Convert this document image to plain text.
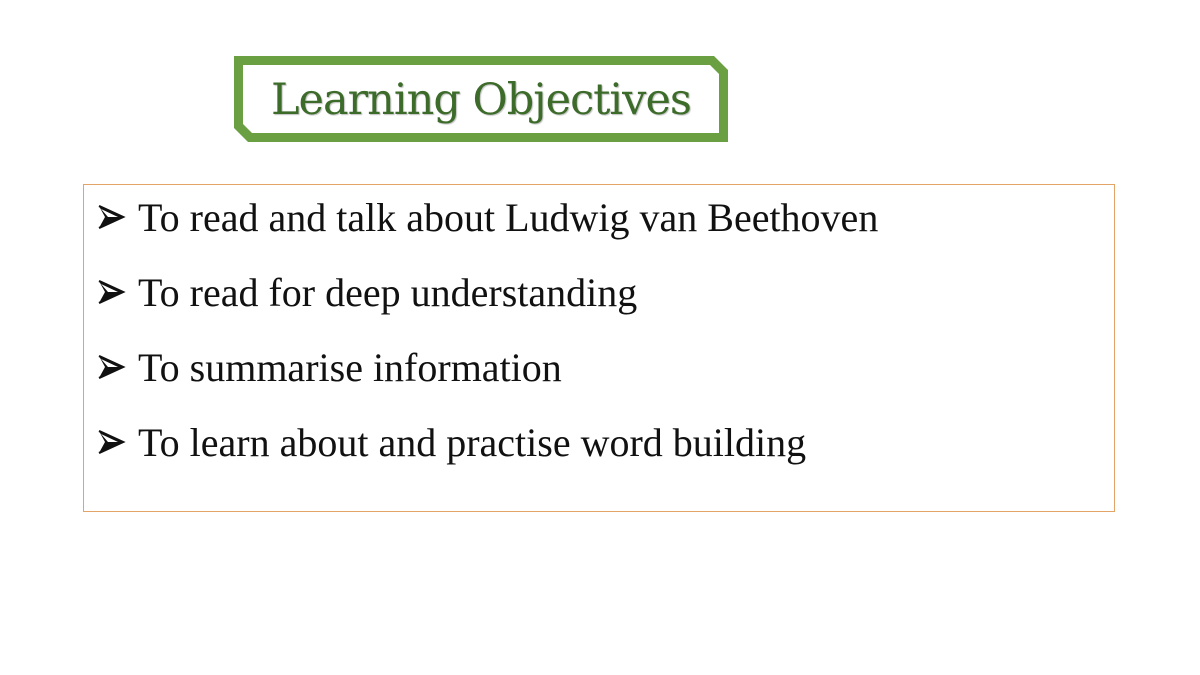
Learning Objectives
To read and talk about Ludwig van Beethoven
To read for deep understanding
To summarise information
To learn about and practise word building
